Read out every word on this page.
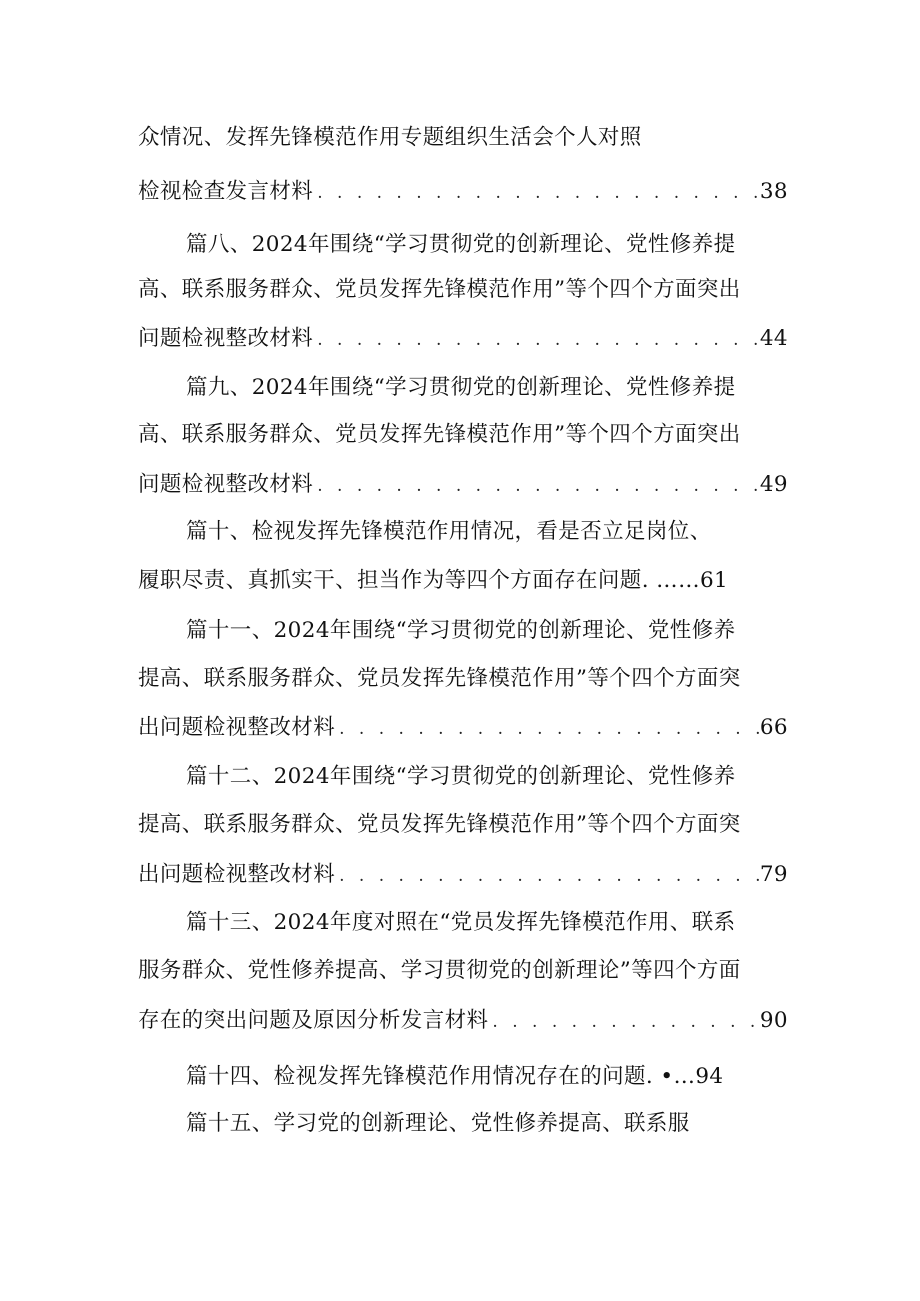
众情况、发挥先锋模范作用专题组织生活会个人对照
检视检查发言材料 . . .	38
篇八、2024年围绕“学习贯彻党的创新理论、党性修养提
高、联系服务群众、党员发挥先锋模范作用”等个四个方面突出
问题检视整改材料 . . .	44
篇九、2024年围绕“学习贯彻党的创新理论、党性修养提
高、联系服务群众、党员发挥先锋模范作用”等个四个方面突出
问题检视整改材料 . . .	49
篇十、检视发挥先锋模范作用情况，看是否立足岗位、
履职尽责、真抓实干、担当作为等四个方面存在问题. ……61
篇十一、2024年围绕“学习贯彻党的创新理论、党性修养
提高、联系服务群众、党员发挥先锋模范作用”等个四个方面突
出问题检视整改材料 . . .	66
篇十二、2024年围绕“学习贯彻党的创新理论、党性修养
提高、联系服务群众、党员发挥先锋模范作用”等个四个方面突
出问题检视整改材料 . . .	79
篇十三、2024年度对照在“党员发挥先锋模范作用、联系
服务群众、党性修养提高、学习贯彻党的创新理论”等四个方面
存在的突出问题及原因分析发言材料 . . .	90
篇十四、检视发挥先锋模范作用情况存在的问题. •…94
篇十五、学习党的创新理论、党性修养提高、联系服
